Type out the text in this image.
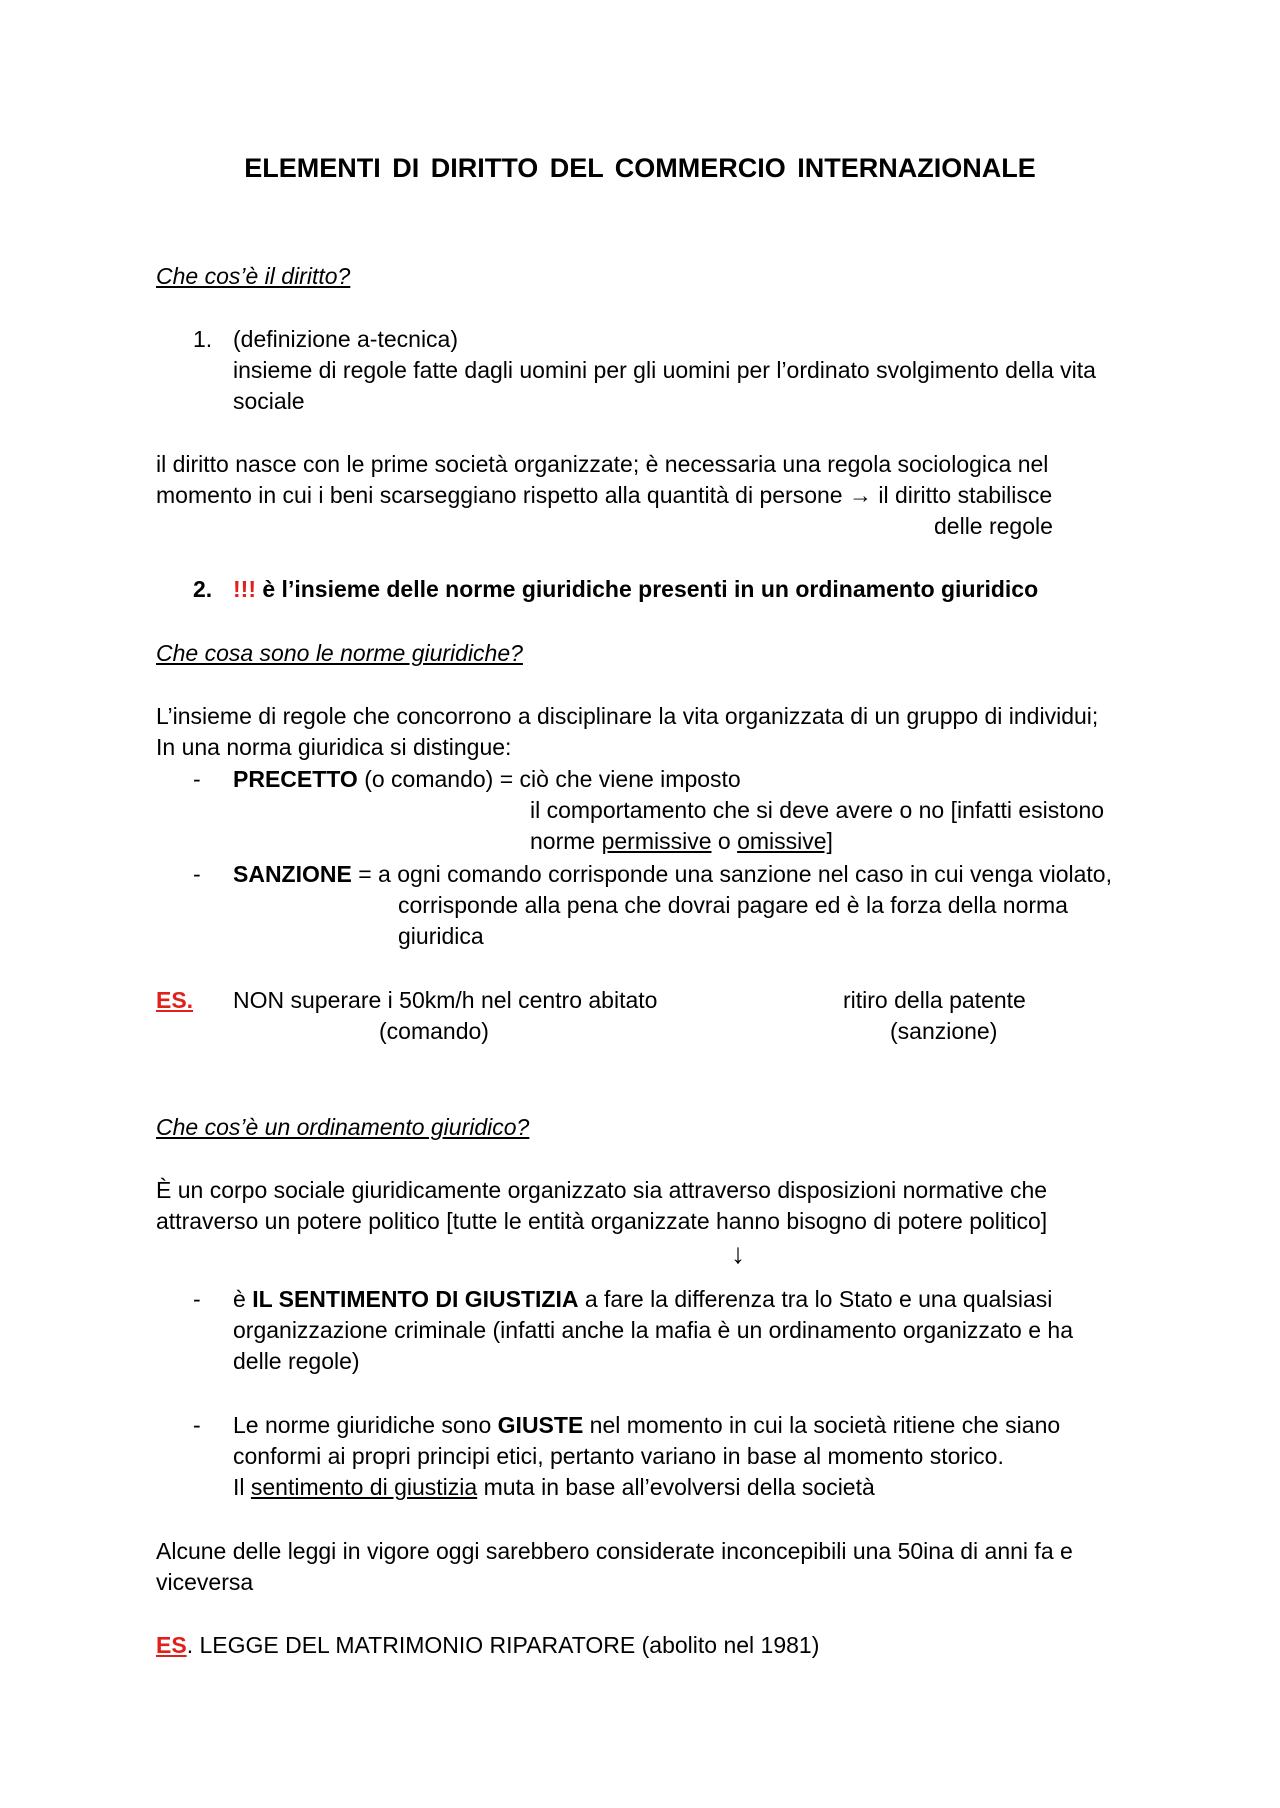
ELEMENTI DI DIRITTO DEL COMMERCIO INTERNAZIONALE
Che cos’è il diritto?
1. (definizione a-tecnica)
insieme di regole fatte dagli uomini per gli uomini per l’ordinato svolgimento della vita
sociale
il diritto nasce con le prime società organizzate; è necessaria una regola sociologica nel
momento in cui i beni scarseggiano rispetto alla quantità di persone → il diritto stabilisce
delle regole
2. !!! è l’insieme delle norme giuridiche presenti in un ordinamento giuridico
Che cosa sono le norme giuridiche?
L’insieme di regole che concorrono a disciplinare la vita organizzata di un gruppo di individui;
In una norma giuridica si distingue:
- PRECETTO (o comando) = ciò che viene imposto
il comportamento che si deve avere o no [infatti esistono
norme permissive o omissive]
- SANZIONE = a ogni comando corrisponde una sanzione nel caso in cui venga violato,
corrisponde alla pena che dovrai pagare ed è la forza della norma
giuridica
ES. NON superare i 50km/h nel centro abitato	ritiro della patente
(comando)	(sanzione)
Che cos’è un ordinamento giuridico?
È un corpo sociale giuridicamente organizzato sia attraverso disposizioni normative che
attraverso un potere politico [tutte le entità organizzate hanno bisogno di potere politico]
↓
- è IL SENTIMENTO DI GIUSTIZIA a fare la differenza tra lo Stato e una qualsiasi
organizzazione criminale (infatti anche la mafia è un ordinamento organizzato e ha
delle regole)
- Le norme giuridiche sono GIUSTE nel momento in cui la società ritiene che siano
conformi ai propri principi etici, pertanto variano in base al momento storico.
Il sentimento di giustizia muta in base all’evolversi della società
Alcune delle leggi in vigore oggi sarebbero considerate inconcepibili una 50ina di anni fa e
viceversa
ES. LEGGE DEL MATRIMONIO RIPARATORE (abolito nel 1981)
